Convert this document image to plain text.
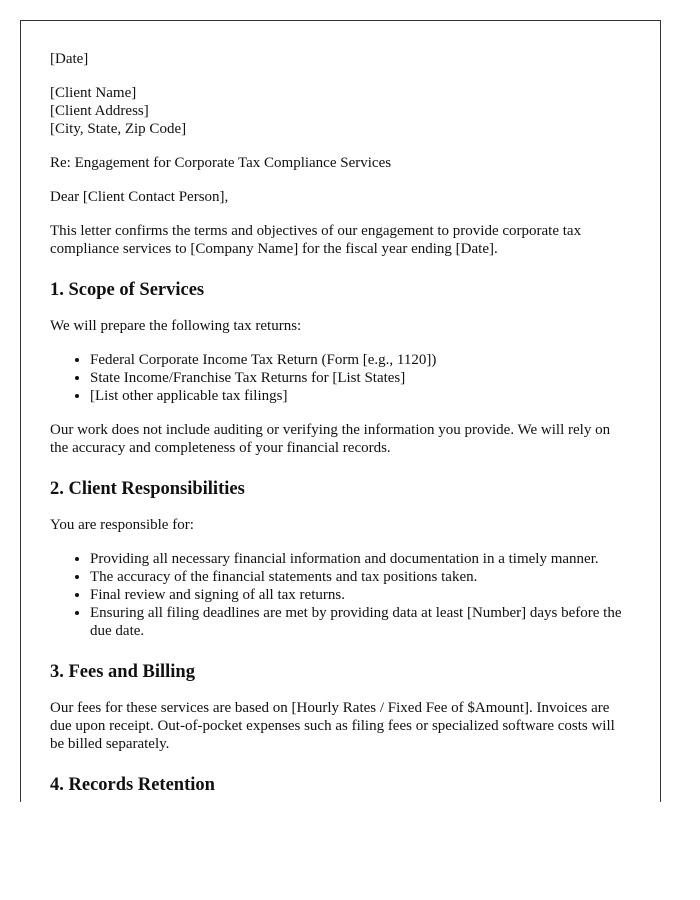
[Date]

[Client Name]
[Client Address]
[City, State, Zip Code]

Re: Engagement for Corporate Tax Compliance Services

Dear [Client Contact Person],

This letter confirms the terms and objectives of our engagement to provide corporate tax compliance services to [Company Name] for the fiscal year ending [Date].

1. Scope of Services

We will prepare the following tax returns:

• Federal Corporate Income Tax Return (Form [e.g., 1120])
• State Income/Franchise Tax Returns for [List States]
• [List other applicable tax filings]

Our work does not include auditing or verifying the information you provide. We will rely on the accuracy and completeness of your financial records.

2. Client Responsibilities

You are responsible for:

• Providing all necessary financial information and documentation in a timely manner.
• The accuracy of the financial statements and tax positions taken.
• Final review and signing of all tax returns.
• Ensuring all filing deadlines are met by providing data at least [Number] days before the due date.
3. Fees and Billing

Our fees for these services are based on [Hourly Rates / Fixed Fee of $Amount]. Invoices are due upon receipt. Out-of-pocket expenses such as filing fees or specialized software costs will be billed separately.

4. Records Retention
